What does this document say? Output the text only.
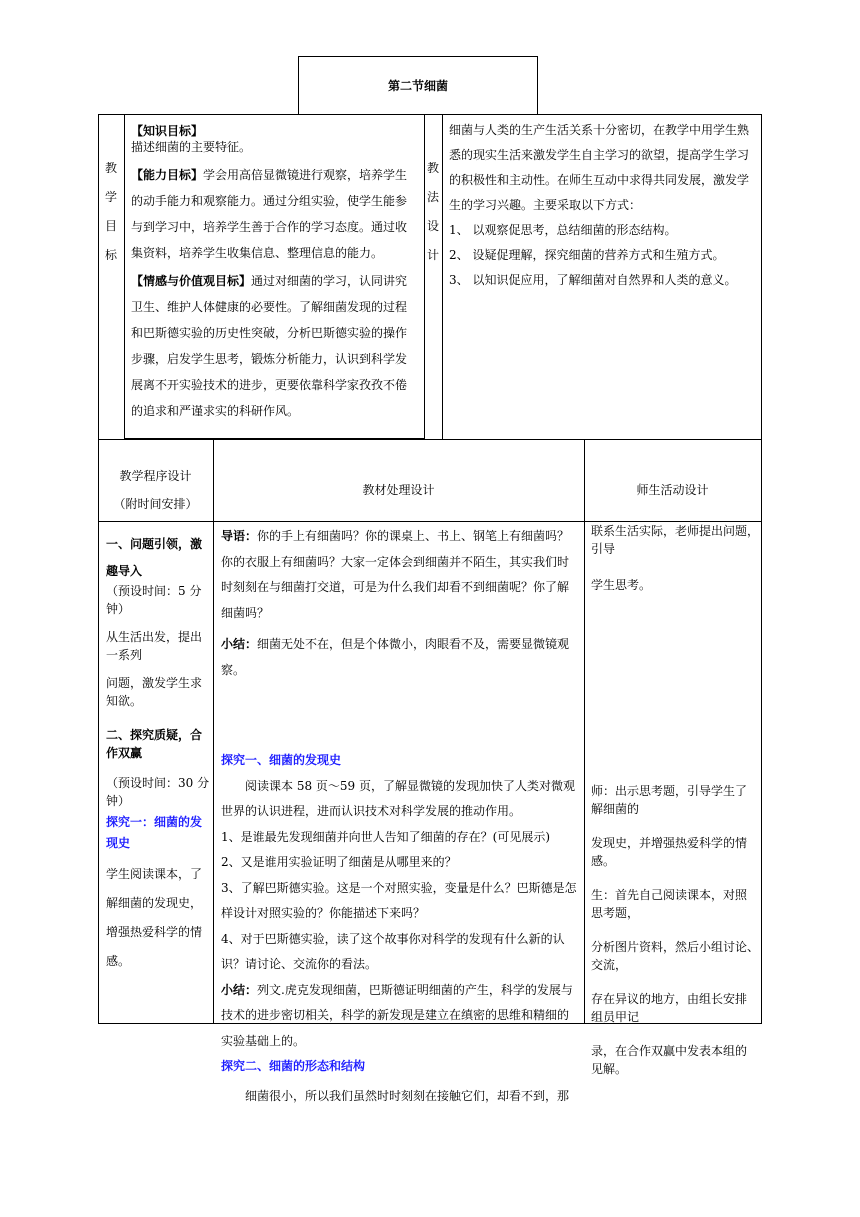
第二节细菌
教
学
目
标

【知识目标】

描述细菌的主要特征。

【能力目标】学会用高倍显微镜进行观察，培养学生

的动手能力和观察能力。通过分组实验，使学生能参

与到学习中，培养学生善于合作的学习态度。通过收

集资料，培养学生收集信息、整理信息的能力。

【情感与价值观目标】通过对细菌的学习，认同讲究

卫生、维护人体健康的必要性。了解细菌发现的过程

和巴斯德实验的历史性突破，分析巴斯德实验的操作

步骤，启发学生思考，锻炼分析能力，认识到科学发

展离不开实验技术的进步，更要依靠科学家孜孜不倦

的追求和严谨求实的科研作风。

教
法
设
计

细菌与人类的生产生活关系十分密切，在教学中用学生熟

悉的现实生活来激发学生自主学习的欲望，提高学生学习

的积极性和主动性。在师生互动中求得共同发展，激发学

生的学习兴趣。主要采取以下方式：

1、 以观察促思考，总结细菌的形态结构。

2、 设疑促理解，探究细菌的营养方式和生殖方式。

3、 以知识促应用，了解细菌对自然界和人类的意义。

教学程序设计
（附时间安排）
教材处理设计	师生活动设计

一、问题引领，激

趣导入

（预设时间：5 分

钟）

从生活出发，提出

一系列

问题，激发学生求

知欲。

二、探究质疑，合

作双赢

（预设时间：30 分

钟）

探究一：细菌的发

现史

学生阅读课本，了

解细菌的发现史，

增强热爱科学的情

感。

导语：你的手上有细菌吗？你的课桌上、书上、钢笔上有细菌吗？

你的衣服上有细菌吗？大家一定体会到细菌并不陌生，其实我们时

时刻刻在与细菌打交道，可是为什么我们却看不到细菌呢？你了解

细菌吗？

小结：细菌无处不在，但是个体微小，肉眼看不及，需要显微镜观

察。

探究一、细菌的发现史

阅读课本 58 页～59 页，了解显微镜的发现加快了人类对微观

世界的认识进程，进而认识技术对科学发展的推动作用。

1、是谁最先发现细菌并向世人告知了细菌的存在？(可见展示)

2、又是谁用实验证明了细菌是从哪里来的？

3、了解巴斯德实验。这是一个对照实验，变量是什么？巴斯德是怎

样设计对照实验的？你能描述下来吗？

4、对于巴斯德实验，读了这个故事你对科学的发现有什么新的认

识？请讨论、交流你的看法。

小结：列文.虎克发现细菌，巴斯德证明细菌的产生，科学的发展与

技术的进步密切相关，科学的新发现是建立在缜密的思维和精细的

实验基础上的。

探究二、细菌的形态和结构

细菌很小，所以我们虽然时时刻刻在接触它们，却看不到，那

联系生活实际，老师提出问题，

引导

学生思考。

师：出示思考题，引导学生了

解细菌的

发现史，并增强热爱科学的情

感。

生：首先自己阅读课本，对照

思考题，

分析图片资料，然后小组讨论、

交流，

存在异议的地方，由组长安排

组员甲记

录，在合作双赢中发表本组的

见解。
